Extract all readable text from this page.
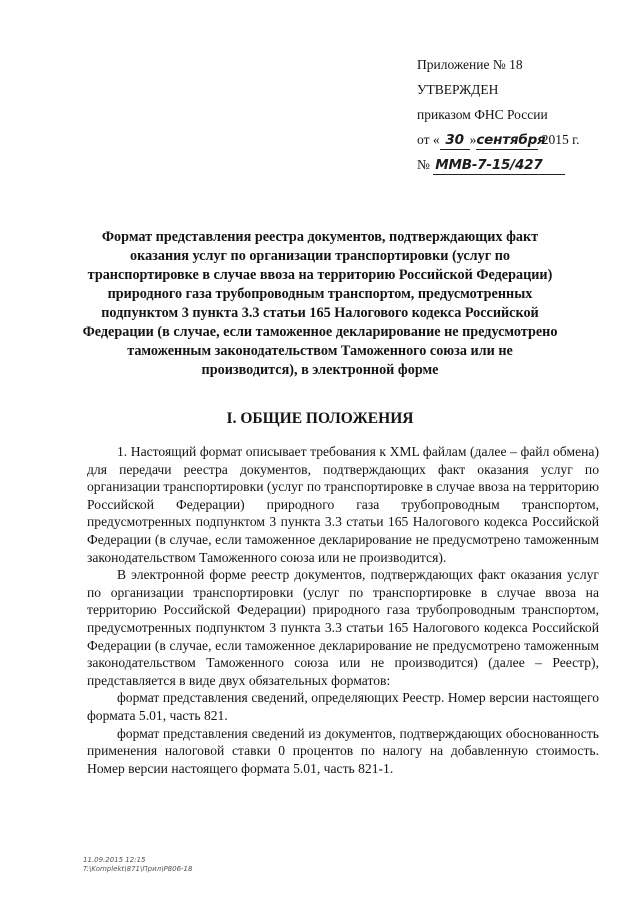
Приложение № 18
УТВЕРЖДЕН
приказом ФНС России
от « 30 »сентября 2015 г.
№ ММВ-7-15/427
Формат представления реестра документов, подтверждающих факт оказания услуг по организации транспортировки (услуг по транспортировке в случае ввоза на территорию Российской Федерации) природного газа трубопроводным транспортом, предусмотренных подпунктом 3 пункта 3.3 статьи 165 Налогового кодекса Российской Федерации (в случае, если таможенное декларирование не предусмотрено таможенным законодательством Таможенного союза или не производится), в электронной форме
I. ОБЩИЕ ПОЛОЖЕНИЯ

1. Настоящий формат описывает требования к XML файлам (далее – файл обмена) для передачи реестра документов, подтверждающих факт оказания услуг по организации транспортировки (услуг по транспортировке в случае ввоза на территорию Российской Федерации) природного газа трубопроводным транспортом, предусмотренных подпунктом 3 пункта 3.3 статьи 165 Налогового кодекса Российской Федерации (в случае, если таможенное декларирование не предусмотрено таможенным законодательством Таможенного союза или не производится).

В электронной форме реестр документов, подтверждающих факт оказания услуг по организации транспортировки (услуг по транспортировке в случае ввоза на территорию Российской Федерации) природного газа трубопроводным транспортом, предусмотренных подпунктом 3 пункта 3.3 статьи 165 Налогового кодекса Российской Федерации (в случае, если таможенное декларирование не предусмотрено таможенным законодательством Таможенного союза или не производится) (далее – Реестр), представляется в виде двух обязательных форматов:

формат представления сведений, определяющих Реестр. Номер версии настоящего формата 5.01, часть 821.

формат представления сведений из документов, подтверждающих обоснованность применения налоговой ставки 0 процентов по налогу на добавленную стоимость. Номер версии настоящего формата 5.01, часть 821-1.

11.09.2015 12:15
T:\Komplekt\871\Прил\Р806-18
